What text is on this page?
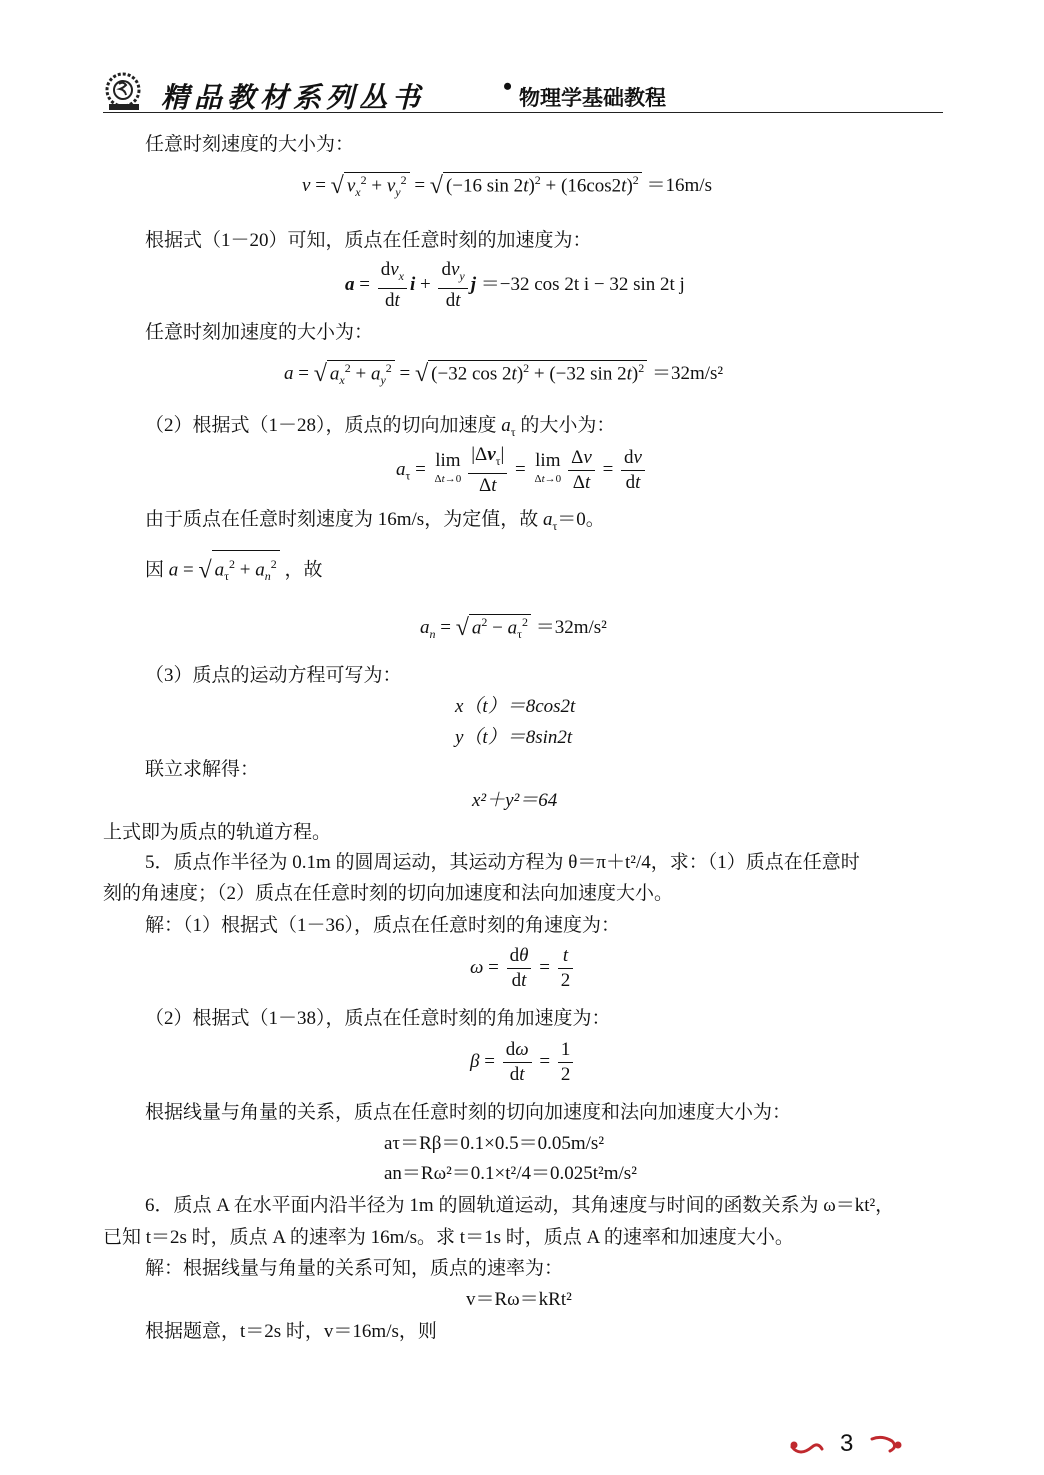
精品教材系列丛书	• 物理学基础教程
任意时刻速度的大小为：
v = √ $v_x^2 + v_y^2$ = √ (−16 $\sin 2t)^2 + (16\cos 2t)^2 =16m/s$
根据式（1－20）可知，质点在任意时刻的加速度为：
$a = \frac{dv_x}{dt}$ $i + \frac{dv_y}{dt}$ j ＝−32 cos 2t i − 32 sin 2t j
任意时刻加速度的大小为：
a = √ $a_x^2 + a_y^2$ = √ (−32 cos 2t)$^2$ + (−32 sin 2t)$^2$ ＝32m/s²
（2）根据式（1－28），质点的切向加速度 $a_\tau$ 的大小为：
$a_\tau = \lim$
$\Delta t\to 0 \frac{|\Delta v_\tau|}{\Delta t} = \lim$
$\Delta t\to 0 \frac{\Delta v}{\Delta t} = \frac{dv}{dt}$
由于质点在任意时刻速度为 16m/s，为定值，故 $a_\tau=0$。
因 a = √ $a_\tau^2 + a_n^2$ ，故
$a_n$ = √ $a^2 - a_\tau^2 =32m/s^2$
（3）质点的运动方程可写为：
x（t）＝8cos2t
y（t）＝8sin2t
联立求解得：
x²＋y²＝64
上式即为质点的轨道方程。
5．质点作半径为 0.1m 的圆周运动，其运动方程为 θ＝π＋t²/4，求：（1）质点在任意时
刻的角速度；（2）质点在任意时刻的切向加速度和法向加速度大小。
解：（1）根据式（1－36），质点在任意时刻的角速度为：
$\omega = \frac{d\theta}{dt} = \frac{t}{2}$
（2）根据式（1－38），质点在任意时刻的角加速度为：
$\beta = \frac{d\omega}{dt} = \frac{1}{2}$
根据线量与角量的关系，质点在任意时刻的切向加速度和法向加速度大小为：
aτ＝Rβ＝0.1×0.5＝0.05m/s²
an＝Rω²＝0.1×t²/4＝0.025t²m/s²
6．质点 A 在水平面内沿半径为 1m 的圆轨道运动，其角速度与时间的函数关系为 ω＝kt²，
已知 t＝2s 时，质点 A 的速率为 16m/s。求 t＝1s 时，质点 A 的速率和加速度大小。
解：根据线量与角量的关系可知，质点的速率为：
v＝Rω＝kRt²
根据题意，t＝2s 时，v＝16m/s，则
3
